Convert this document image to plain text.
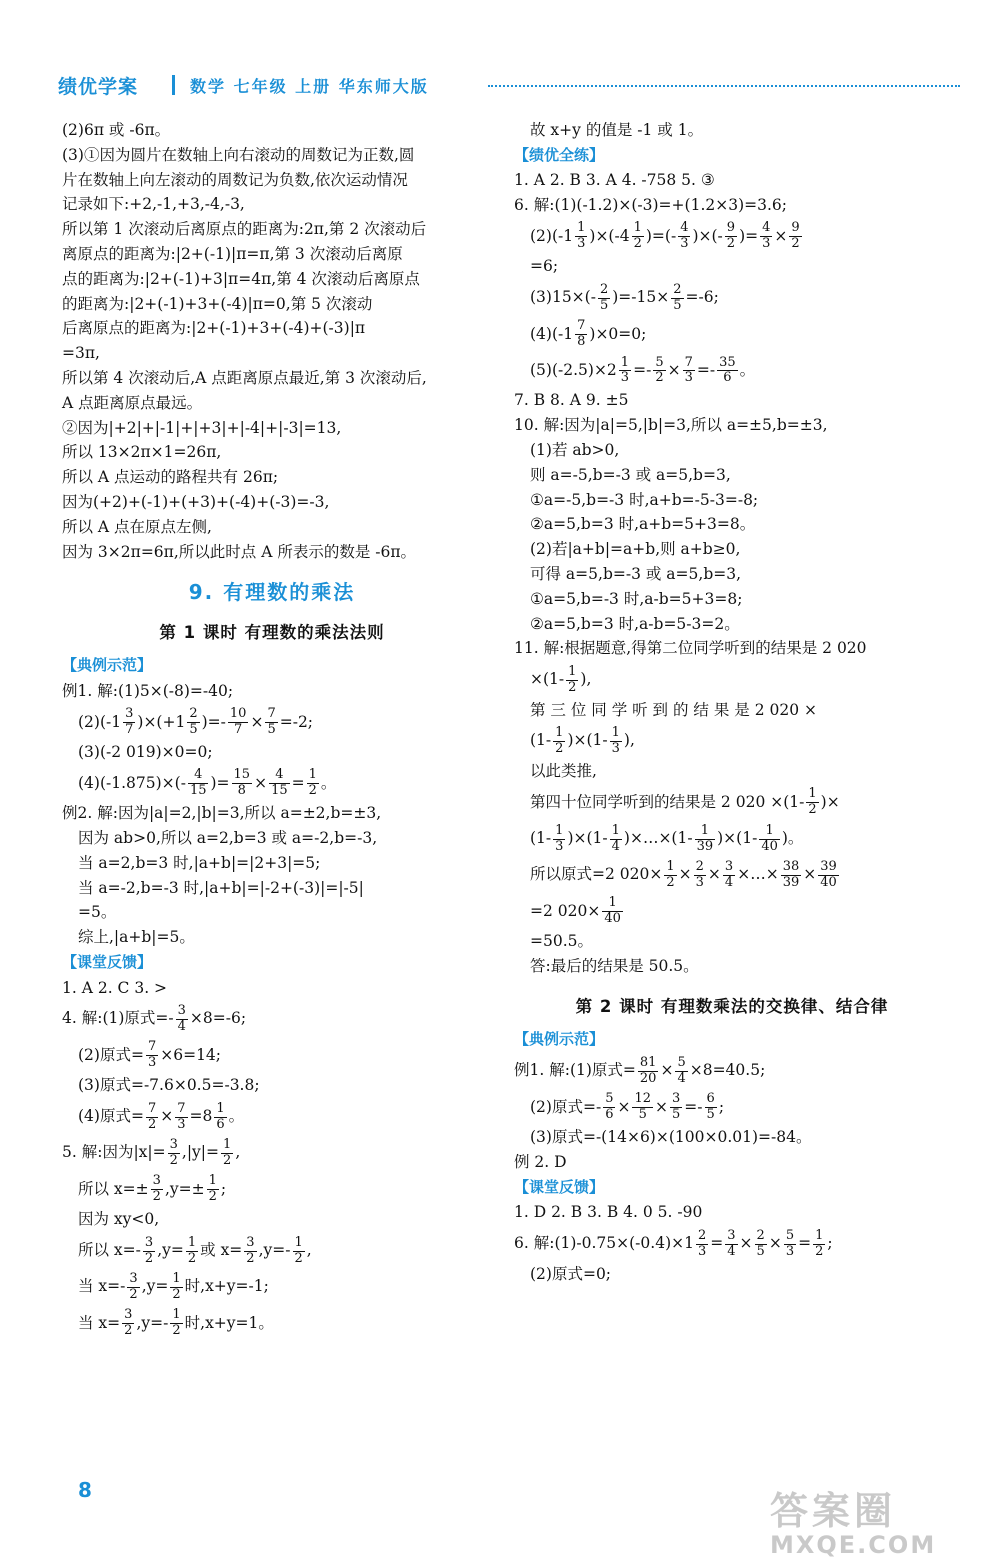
绩优学案	数学 七年级 上册 华东师大版
(2)6π 或 -6π。
(3)①因为圆片在数轴上向右滚动的周数记为正数,圆
片在数轴上向左滚动的周数记为负数,依次运动情况
记录如下:+2,-1,+3,-4,-3,
所以第 1 次滚动后离原点的距离为:2π,第 2 次滚动后
离原点的距离为:|2+(-1)|π=π,第 3 次滚动后离原
点的距离为:|2+(-1)+3|π=4π,第 4 次滚动后离原点
的距离为:|2+(-1)+3+(-4)|π=0,第 5 次滚动
后离原点的距离为:|2+(-1)+3+(-4)+(-3)|π
=3π,
所以第 4 次滚动后,A 点距离原点最近,第 3 次滚动后,
A 点距离原点最远。
②因为|+2|+|-1|+|+3|+|-4|+|-3|=13,
所以 13×2π×1=26π,
所以 A 点运动的路程共有 26π;
因为(+2)+(-1)+(+3)+(-4)+(-3)=-3,
所以 A 点在原点左侧,
因为 3×2π=6π,所以此时点 A 所表示的数是 -6π。
9. 有理数的乘法
第 1 课时 有理数的乘法法则
【典例示范】
例1. 解:(1)5×(-8)=-40;
$(2)(-1 \frac{3}{7} )\times(+1 \frac{2}{5}$ )=- $\frac{10}{7} \times \frac{7}{5} =-2$;
(3)(-2 019)×0=0;
$(4)(-1.875)\times(- \frac{4}{15}$ )= $\frac{15}{8} \times \frac{4}{15} = \frac{1}{2}$ 。
例2. 解:因为|a|=2,|b|=3,所以 a=±2,b=±3,
因为 ab>0,所以 a=2,b=3 或 a=-2,b=-3,
当 a=2,b=3 时,|a+b|=|2+3|=5;
当 a=-2,b=-3 时,|a+b|=|-2+(-3)|=|-5|
=5。
综上,|a+b|=5。
【课堂反馈】
1. A 2. C 3. >
4. 解:(1)原式=- $\frac{3}{4} \times 8=-6$;
(2)原式= $\frac{7}{3} \times 6=14$;
(3)原式=-7.6×0.5=-3.8;
(4)原式= $\frac{7}{2} \times \frac{7}{3} =8 \frac{1}{6}$ 。
5. 解:因为$|x|= \frac{3}{2} ,|y|= \frac{1}{2}$ ,
所以 $x=\pm \frac{3}{2} ,y=\pm \frac{1}{2}$ ;
因为 xy<0,
所以 $x=- \frac{3}{2} ,y= \frac{1}{2}$ 或 $x= \frac{3}{2} ,y=- \frac{1}{2}$ ,
当 $x=- \frac{3}{2} ,y= \frac{1}{2}$ 时,x+y=-1;
当 $x= \frac{3}{2} ,y=- \frac{1}{2}$ 时,x+y=1。
故 x+y 的值是 -1 或 1。
【绩优全练】
1. A 2. B 3. A 4. -758 5. ③
6. 解:(1)(-1.2)×(-3)=+(1.2×3)=3.6;
$(2)(-1 \frac{1}{3} )\times(-4 \frac{1}{2}$ )=(- $\frac{4}{3}$ )×(- $\frac{9}{2}$ )= $\frac{4}{3} \times \frac{9}{2}$
=6;
$(3)15\times(- \frac{2}{5} )=-15\times \frac{2}{5} =-6$;
$(4)(-1 \frac{7}{8} )\times 0=0$;
$(5)(-2.5)\times 2 \frac{1}{3} =- \frac{5}{2} \times \frac{7}{3} =- \frac{35}{6}$ 。
7. B 8. A 9. ±5
10. 解:因为|a|=5,|b|=3,所以 a=±5,b=±3,
(1)若 ab>0,
则 a=-5,b=-3 或 a=5,b=3,
①a=-5,b=-3 时,a+b=-5-3=-8;
②a=5,b=3 时,a+b=5+3=8。
(2)若|a+b|=a+b,则 a+b≥0,
可得 a=5,b=-3 或 a=5,b=3,
①a=5,b=-3 时,a-b=5+3=8;
②a=5,b=3 时,a-b=5-3=2。
11. 解:根据题意,得第二位同学听到的结果是 2 020
$\times(1- \frac{1}{2}$ ),
第 三 位 同 学 听 到 的 结 果 是 2 020 ×
$(1- \frac{1}{2} )\times(1- \frac{1}{3}$ ),
以此类推,
第四十位同学听到的结果是 2 $020 \times(1- \frac{1}{2}$ )×
$(1- \frac{1}{3} )\times(1- \frac{1}{4}$ )×…×(1- $\frac{1}{39} )\times(1- \frac{1}{40}$ )。
所以原式=2 $020\times \frac{1}{2} \times \frac{2}{3} \times \frac{3}{4}$ ×…× $\frac{38}{39} \times \frac{39}{40}$
=2 $020\times \frac{1}{40}$
=50.5。
答:最后的结果是 50.5。
第 2 课时 有理数乘法的交换律、结合律
【典例示范】
例1. 解:(1)原式= $\frac{81}{20} \times \frac{5}{4} \times 8=40.5$;
(2)原式=- $\frac{5}{6} \times \frac{12}{5} \times \frac{3}{5} =- \frac{6}{5}$ ;
(3)原式=-(14×6)×(100×0.01)=-84。
例 2. D
【课堂反馈】
1. D 2. B 3. B 4. 0 5. -90
6. 解:(1)-0.75×(-0.4)×1 $\frac{2}{3} = \frac{3}{4} \times \frac{2}{5} \times \frac{5}{3} = \frac{1}{2}$ ;
(2)原式=0;
8	答案圈
MXQE.COM
